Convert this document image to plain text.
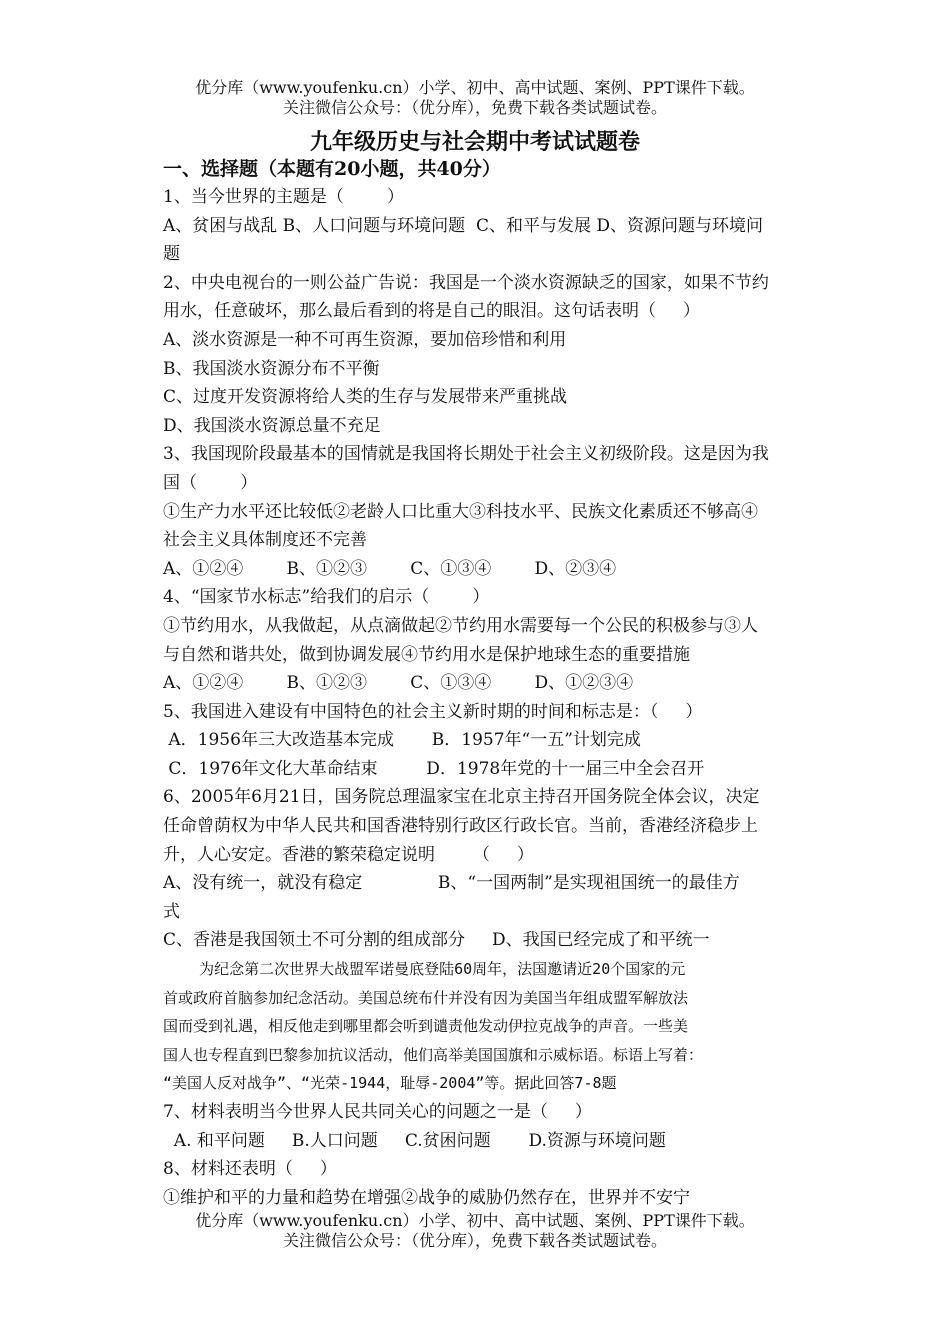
优分库（www.youfenku.cn）小学、初中、高中试题、案例、PPT课件下载。
关注微信公众号：（优分库），免费下载各类试题试卷。
九年级历史与社会期中考试试题卷
一、选择题（本题有20小题，共40分）
1、当今世界的主题是（        ）
A、贫困与战乱 B、人口问题与环境问题  C、和平与发展 D、资源问题与环境问
题
2、中央电视台的一则公益广告说：我国是一个淡水资源缺乏的国家，如果不节约
用水，任意破坏，那么最后看到的将是自己的眼泪。这句话表明（     ）
A、淡水资源是一种不可再生资源，要加倍珍惜和利用
B、我国淡水资源分布不平衡
C、过度开发资源将给人类的生存与发展带来严重挑战
D、我国淡水资源总量不充足
3、我国现阶段最基本的国情就是我国将长期处于社会主义初级阶段。这是因为我
国（        ）
①生产力水平还比较低②老龄人口比重大③科技水平、民族文化素质还不够高④
社会主义具体制度还不完善
A、①②④        B、①②③        C、①③④        D、②③④
4、“国家节水标志”给我们的启示（        ）
①节约用水，从我做起，从点滴做起②节约用水需要每一个公民的积极参与③人
与自然和谐共处，做到协调发展④节约用水是保护地球生态的重要措施
A、①②④        B、①②③        C、①③④        D、①②③④
5、我国进入建设有中国特色的社会主义新时期的时间和标志是：（     ）
A．1956年三大改造基本完成       B．1957年“一五”计划完成
C．1976年文化大革命结束         D．1978年党的十一届三中全会召开
6、2005年6月21日，国务院总理温家宝在北京主持召开国务院全体会议，决定
任命曾荫权为中华人民共和国香港特别行政区行政长官。当前，香港经济稳步上
升，人心安定。香港的繁荣稳定说明       （     ）
A、没有统一，就没有稳定              B、“一国两制”是实现祖国统一的最佳方
式
C、香港是我国领土不可分割的组成部分     D、我国已经完成了和平统一
为纪念第二次世界大战盟军诺曼底登陆60周年，法国邀请近20个国家的元
首或政府首脑参加纪念活动。美国总统布什并没有因为美国当年组成盟军解放法
国而受到礼遇，相反他走到哪里都会听到谴责他发动伊拉克战争的声音。一些美
国人也专程直到巴黎参加抗议活动，他们高举美国国旗和示威标语。标语上写着：
“美国人反对战争”、“光荣-1944，耻辱-2004”等。据此回答7-8题
7、材料表明当今世界人民共同关心的问题之一是（     ）
A. 和平问题     B.人口问题     C.贫困问题       D.资源与环境问题
8、材料还表明（     ）
①维护和平的力量和趋势在增强②战争的威胁仍然存在，世界并不安宁
优分库（www.youfenku.cn）小学、初中、高中试题、案例、PPT课件下载。
关注微信公众号：（优分库），免费下载各类试题试卷。
